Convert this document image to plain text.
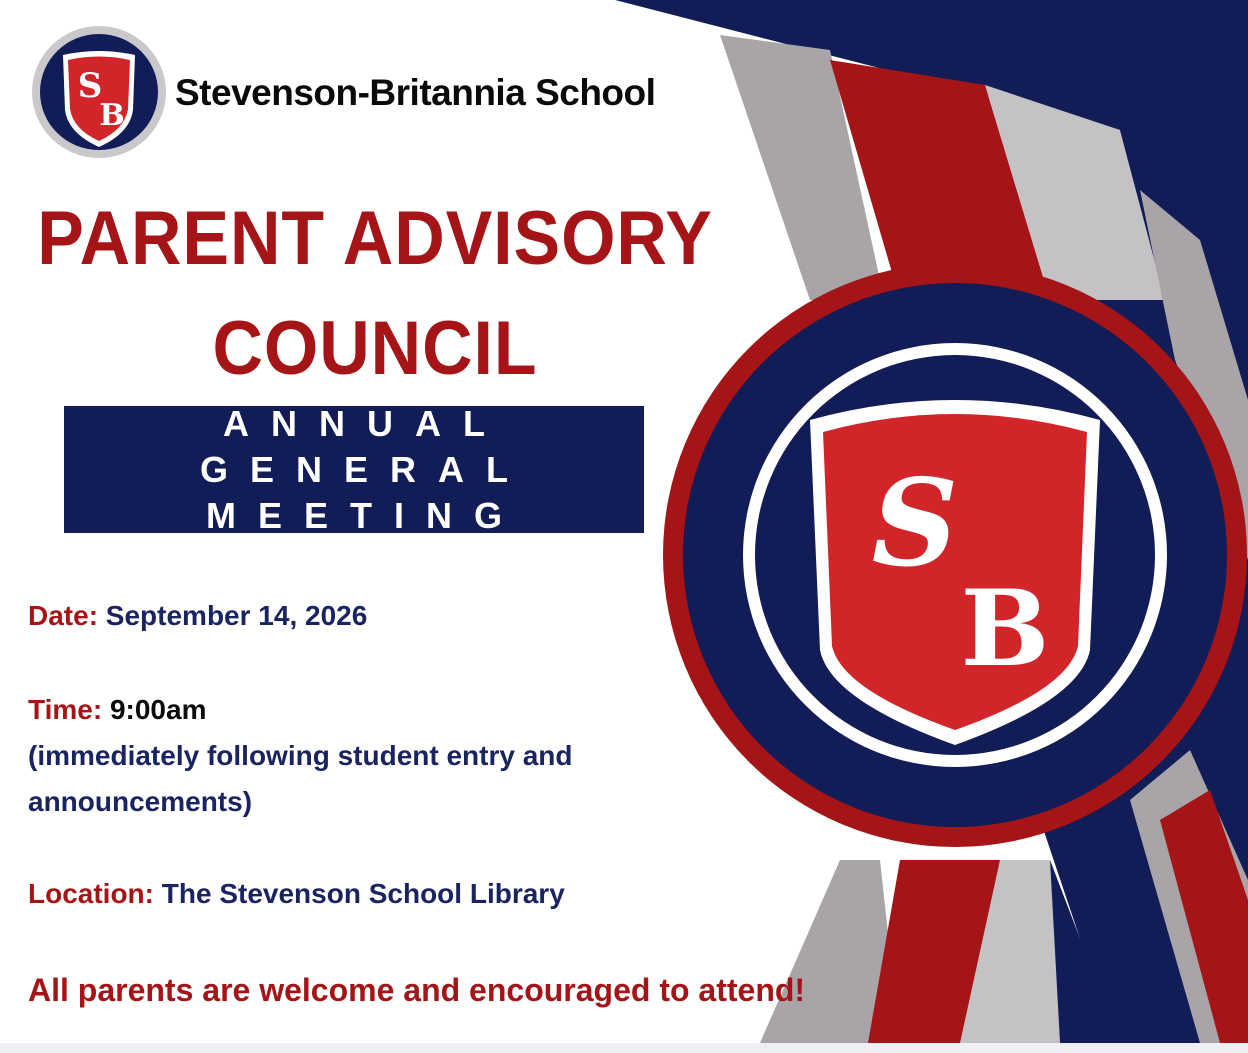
S
B
Stevenson-Britannia School
PARENT ADVISORY
COUNCIL
ANNUAL GENERAL
MEETING
Date: September 14, 2026
Time: 9:00am
(immediately following student entry and
announcements)
Location: The Stevenson School Library
All parents are welcome and encouraged to attend!
S
B
